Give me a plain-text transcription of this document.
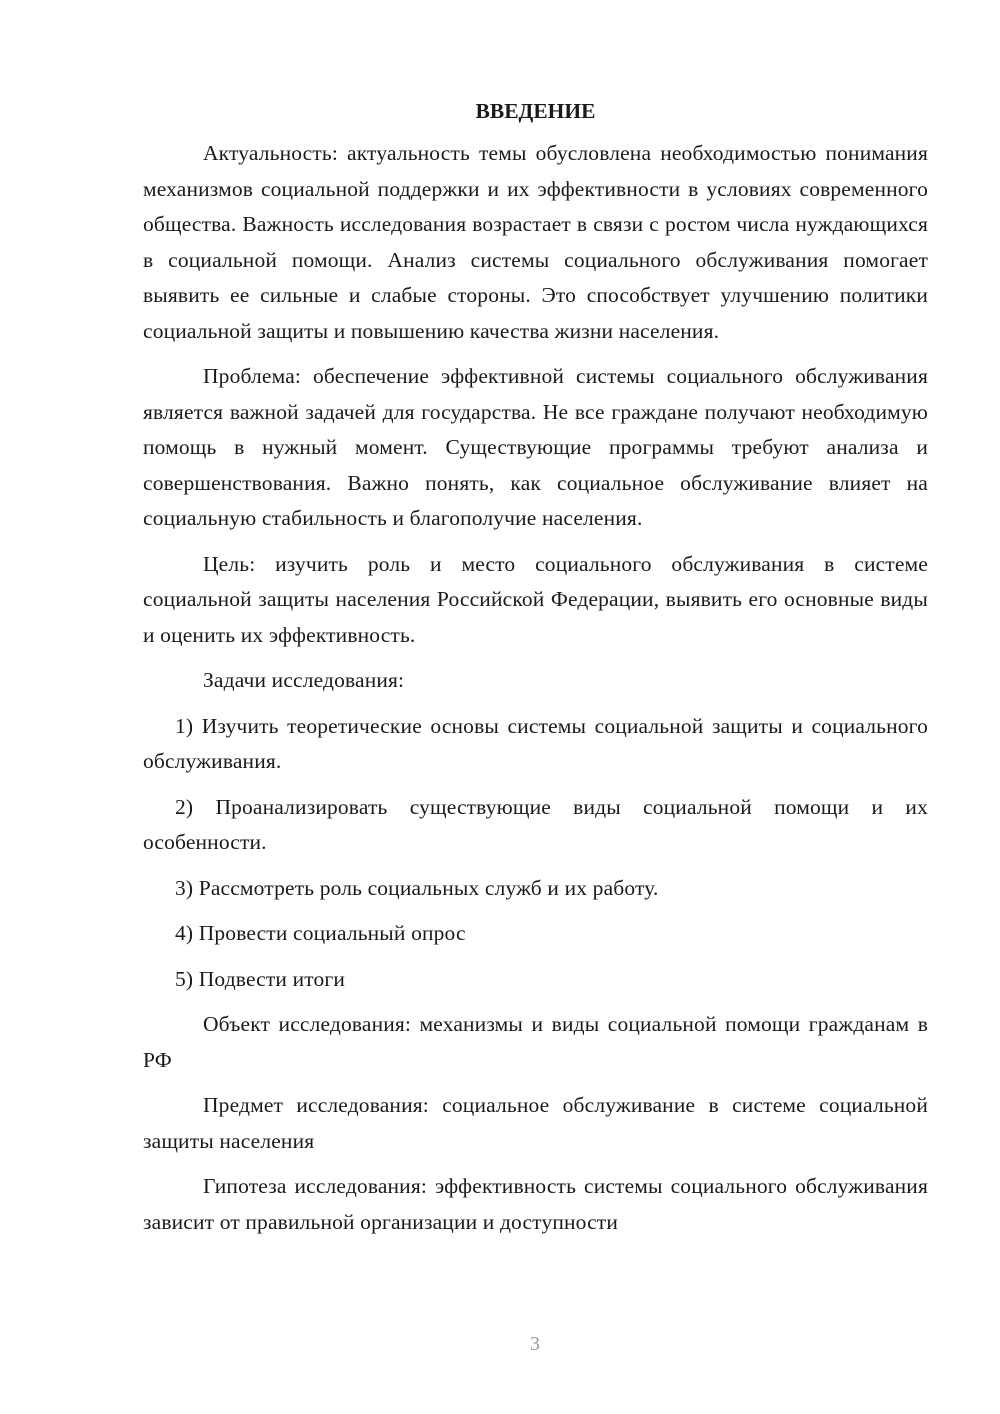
ВВЕДЕНИЕ

Актуальность: актуальность темы обусловлена необходимостью понимания механизмов социальной поддержки и их эффективности в условиях современного общества. Важность исследования возрастает в связи с ростом числа нуждающихся в социальной помощи. Анализ системы социального обслуживания помогает выявить ее сильные и слабые стороны. Это способствует улучшению политики социальной защиты и повышению качества жизни населения.

Проблема: обеспечение эффективной системы социального обслуживания является важной задачей для государства. Не все граждане получают необходимую помощь в нужный момент. Существующие программы требуют анализа и совершенствования. Важно понять, как социальное обслуживание влияет на социальную стабильность и благополучие населения.

Цель: изучить роль и место социального обслуживания в системе социальной защиты населения Российской Федерации, выявить его основные виды и оценить их эффективность.

Задачи исследования:

1) Изучить теоретические основы системы социальной защиты и социального обслуживания.

2) Проанализировать существующие виды социальной помощи и их особенности.

3) Рассмотреть роль социальных служб и их работу.

4) Провести социальный опрос

5) Подвести итоги

Объект исследования: механизмы и виды социальной помощи гражданам в РФ

Предмет исследования: социальное обслуживание в системе социальной защиты населения

Гипотеза исследования: эффективность системы социального обслуживания зависит от правильной организации и доступности

3
